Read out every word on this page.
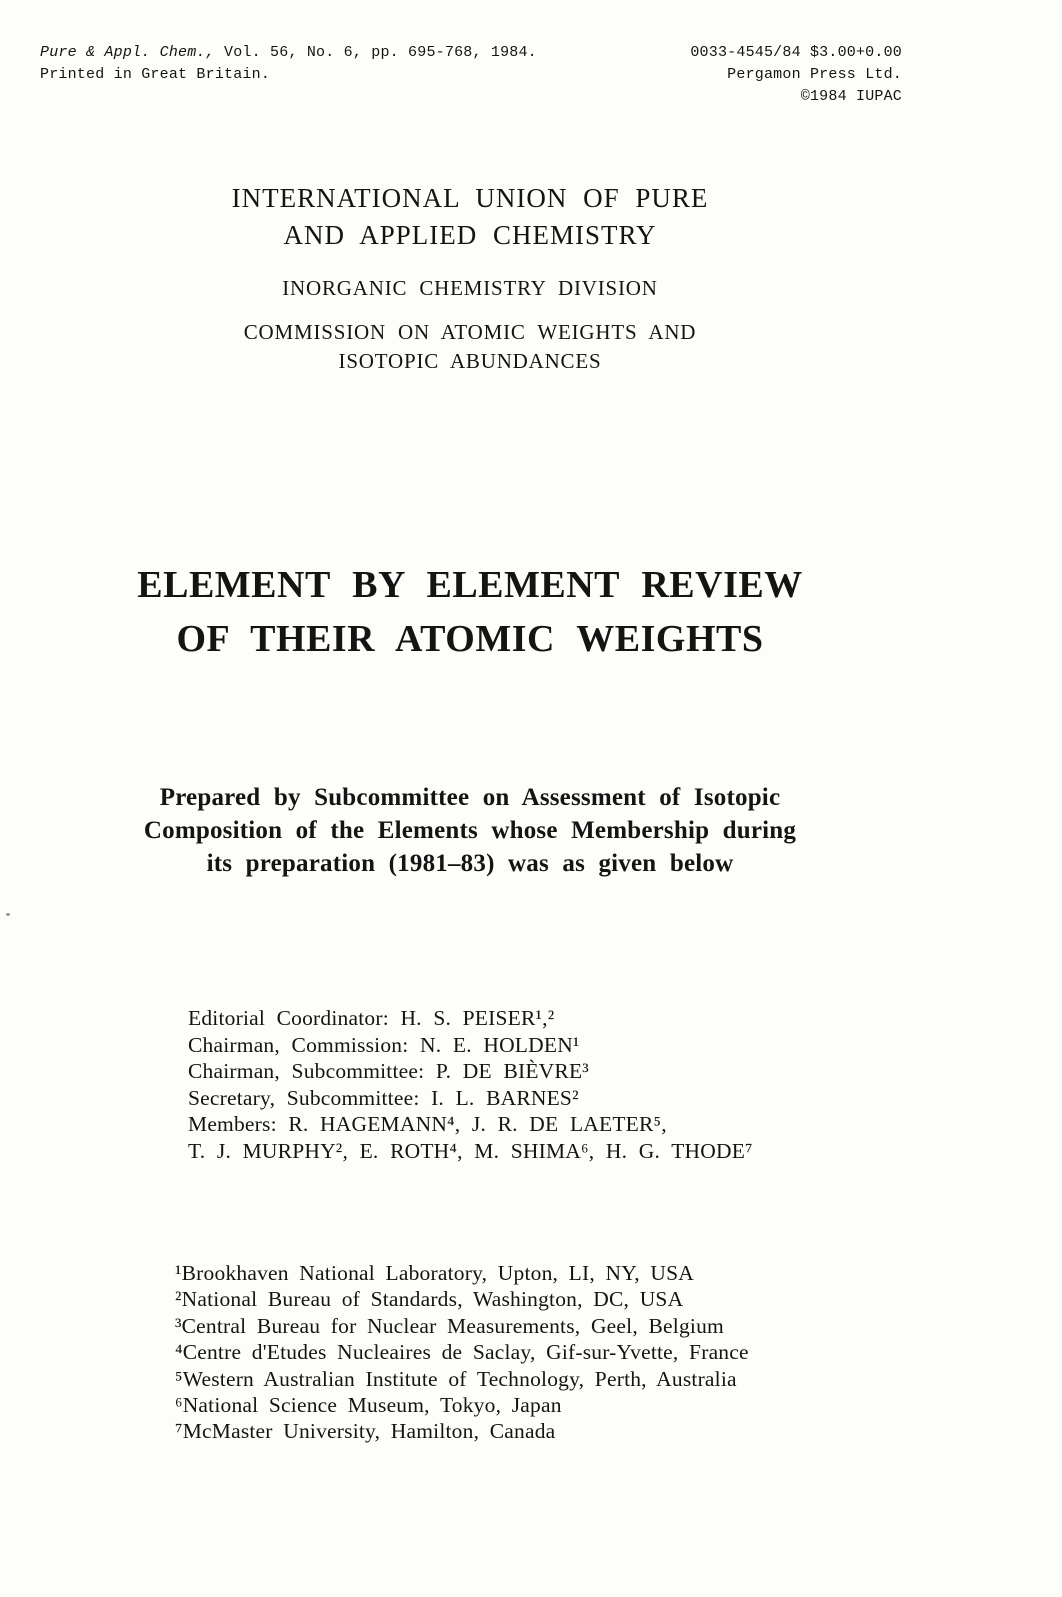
Pure & Appl. Chem., Vol. 56, No. 6, pp. 695-768, 1984.
Printed in Great Britain.
0033-4545/84 $3.00+0.00
Pergamon Press Ltd.
©1984 IUPAC
INTERNATIONAL UNION OF PURE
AND APPLIED CHEMISTRY
INORGANIC CHEMISTRY DIVISION
COMMISSION ON ATOMIC WEIGHTS AND
ISOTOPIC ABUNDANCES
ELEMENT BY ELEMENT REVIEW
OF THEIR ATOMIC WEIGHTS
Prepared by Subcommittee on Assessment of Isotopic
Composition of the Elements whose Membership during
its preparation (1981–83) was as given below
Editorial Coordinator: H. S. PEISER¹,²
Chairman, Commission: N. E. HOLDEN¹
Chairman, Subcommittee: P. DE BIÈVRE³
Secretary, Subcommittee: I. L. BARNES²
Members: R. HAGEMANN⁴, J. R. DE LAETER⁵,
T. J. MURPHY², E. ROTH⁴, M. SHIMA⁶, H. G. THODE⁷
¹Brookhaven National Laboratory, Upton, LI, NY, USA
²National Bureau of Standards, Washington, DC, USA
³Central Bureau for Nuclear Measurements, Geel, Belgium
⁴Centre d'Etudes Nucleaires de Saclay, Gif-sur-Yvette, France
⁵Western Australian Institute of Technology, Perth, Australia
⁶National Science Museum, Tokyo, Japan
⁷McMaster University, Hamilton, Canada
